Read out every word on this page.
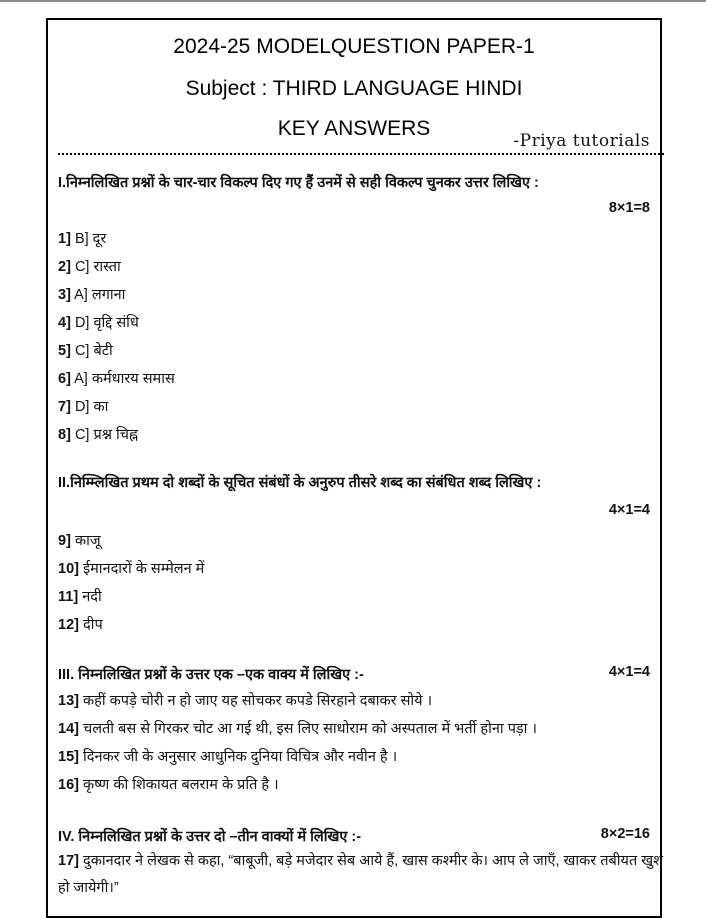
2024-25 MODELQUESTION PAPER-1
Subject : THIRD LANGUAGE HINDI
KEY ANSWERS
-Priya tutorials
I.निम्नलिखित प्रश्नों के चार-चार विकल्प दिए गए हैं उनमें से सही विकल्प चुनकर उत्तर लिखिए :
8×1=8
1] B] दूर
2] C] रास्ता
3] A] लगाना
4] D] वृद्दि संधि
5] C] बेटी
6] A] कर्मधारय समास
7] D] का
8] C] प्रश्न चिह्न
II.निम्म्लिखित प्रथम दो शब्दों के सूचित संबंधों के अनुरुप तीसरे शब्द का संबंधित शब्द लिखिए :
4×1=4
9] काजू
10] ईमानदारों के सम्मेलन में
11] नदी
12] दीप
III. निम्नलिखित प्रश्नों के उत्तर एक –एक वाक्य में लिखिए :-	4×1=4
13] कहीं कपड़े चोरी न हो जाए यह सोचकर कपडे सिरहाने दबाकर सोये ।
14] चलती बस से गिरकर चोट आ गई थी, इस लिए साधोराम को अस्पताल में भर्ती होना पड़ा ।
15] दिनकर जी के अनुसार आधुनिक दुनिया विचित्र और नवीन है ।
16] कृष्ण की शिकायत बलराम के प्रति है ।
IV. निम्नलिखित प्रश्नों के उत्तर दो –तीन वाक्यों में लिखिए :-	8×2=16
17] दुकानदार ने लेखक से कहा, “बाबूजी, बड़े मजेदार सेब आये हैं, खास कश्मीर के। आप ले जाएँ, खाकर तबीयत खुश हो जायेगी।”
